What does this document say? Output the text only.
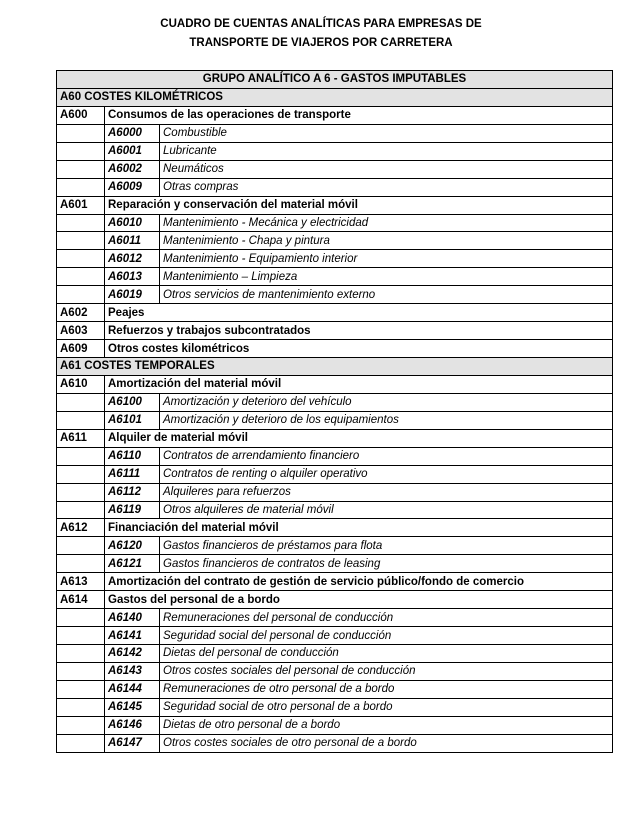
CUADRO DE CUENTAS ANALÍTICAS PARA EMPRESAS DE
TRANSPORTE DE VIAJEROS POR CARRETERA
GRUPO ANALÍTICO A 6 - GASTOS IMPUTABLES		
A60 COSTES KILOMÉTRICOS		
A600	Consumos de las operaciones de transporte	
	A6000	Combustible
	A6001	Lubricante
	A6002	Neumáticos
	A6009	Otras compras
A601	Reparación y conservación del material móvil	
	A6010	Mantenimiento - Mecánica y electricidad
	A6011	Mantenimiento - Chapa y pintura
	A6012	Mantenimiento - Equipamiento interior
	A6013	Mantenimiento – Limpieza
	A6019	Otros servicios de mantenimiento externo
A602	Peajes	
A603	Refuerzos y trabajos subcontratados	
A609	Otros costes kilométricos	
A61 COSTES TEMPORALES		
A610	Amortización del material móvil	
	A6100	Amortización y deterioro del vehículo
	A6101	Amortización y deterioro de los equipamientos
A611	Alquiler de material móvil	
	A6110	Contratos de arrendamiento financiero
	A6111	Contratos de renting o alquiler operativo
	A6112	Alquileres para refuerzos
	A6119	Otros alquileres de material móvil
A612	Financiación del material móvil	
	A6120	Gastos financieros de préstamos para flota
	A6121	Gastos financieros de contratos de leasing
A613	Amortización del contrato de gestión de servicio público/fondo de comercio	
A614	Gastos del personal de a bordo	
	A6140	Remuneraciones del personal de conducción
	A6141	Seguridad social del personal de conducción
	A6142	Dietas del personal de conducción
	A6143	Otros costes sociales del personal de conducción
	A6144	Remuneraciones de otro personal de a bordo
	A6145	Seguridad social de otro personal de a bordo
	A6146	Dietas de otro personal de a bordo
	A6147	Otros costes sociales de otro personal de a bordo
